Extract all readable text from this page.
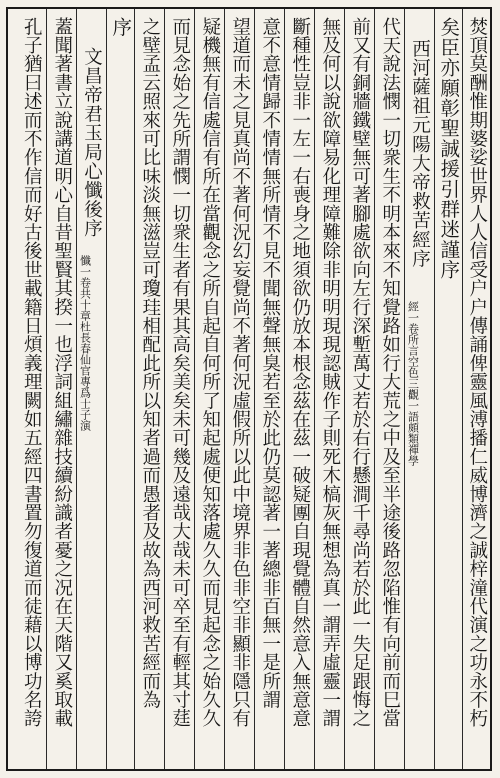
焚頂莫酬惟期婆娑世界人人信受户户傳誦俾靈風溥播仁威博濟之誠梓潼代演之功永不朽
矣臣亦願彰聖誠援引群迷謹序
西河薩祖元陽大帝救苦經序
經一卷所言空色三觀一語頗類禪學
代天說法憫一切衆生不明本來不知覺路如行大荒之中及至半途後路忽陷惟有向前而巳當
前又有銅牆鐵壁無可著腳處欲向左行深塹萬丈若於右行懸澗千尋尚若於此一失足跟悔之
無及何以說欲障易化理障難除非明明現現認賊作子則死木槁灰無想為真一謂弄虛靈一謂
斷種性豈非一左一右喪身之地須欲仍放本根念茲在茲一破疑團自現覺體自然意入無意意
意不意情歸不情情無所情不見不聞無聲無臭若至於此仍莫認著一著總非百無一是所謂
望道而未之見真尚不著何況幻妄覺尚不著何況虛假所以此中境界非色非空非顯非隱只有
疑機無有信處信有所在當觀念之所自起自何所了知起處便知落處久久而見起念之始久久
而見念始之先所謂憫一切衆生者有果其高矣美矣未可幾及遠哉大哉未可卒至有輕其寸莛
之壁孟云照來可比味淡無滋豈可瓊珪相配此所以知者過而愚者及故為西河救苦經而為
序
文昌帝君玉局心懺後序
懺一卷共十章杜長春仙官專爲士子演
蓋聞著書立說講道明心自昔聖賢其揆一也浮詞組繡雜技續紛識者憂之况在天階又奚取載
孔子猶曰述而不作信而好古後世載籍日煩義理闕如五經四書置勿復道而徒藉以博功名誇
